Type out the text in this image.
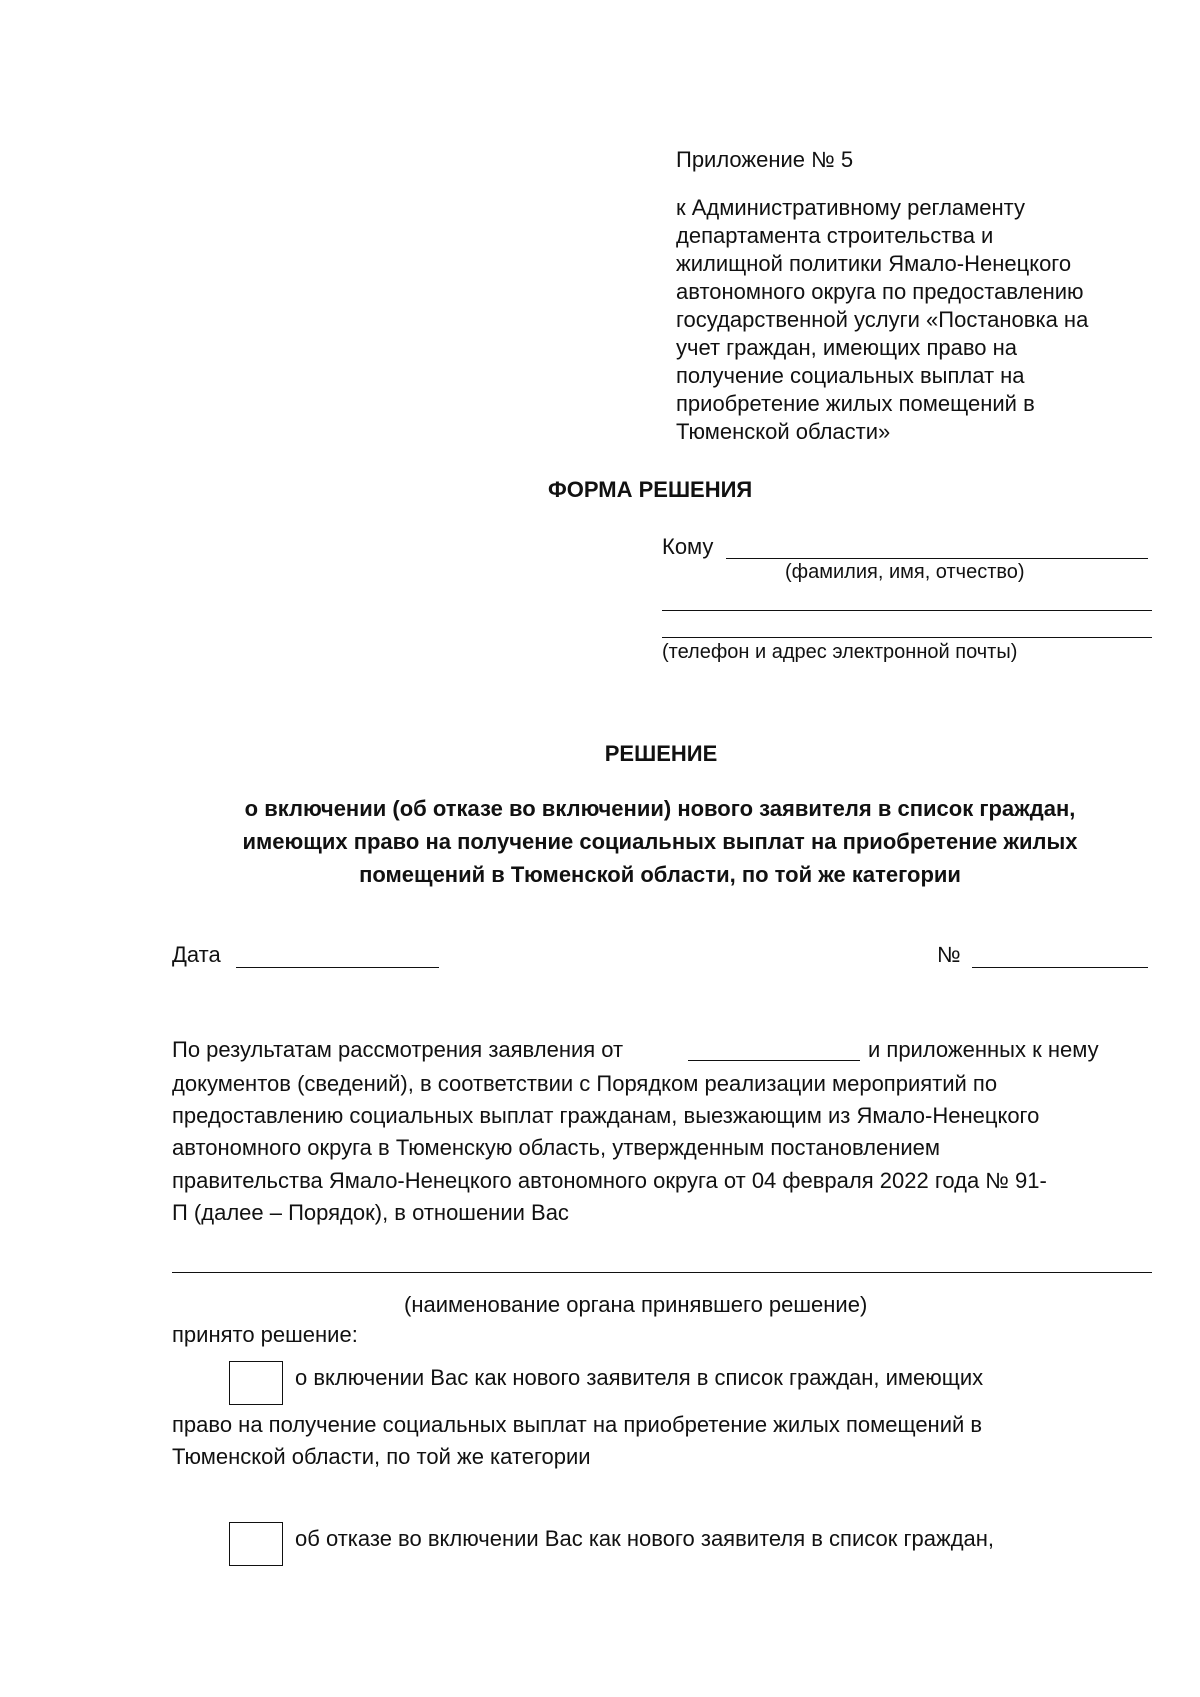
Приложение № 5
к Административному регламенту
департамента строительства и
жилищной политики Ямало-Ненецкого
автономного округа по предоставлению
государственной услуги «Постановка на
учет граждан, имеющих право на
получение социальных выплат на
приобретение жилых помещений в
Тюменской области»
ФОРМА РЕШЕНИЯ
Кому
(фамилия, имя, отчество)
(телефон и адрес электронной почты)
РЕШЕНИЕ
о включении (об отказе во включении) нового заявителя в список граждан,
имеющих право на получение социальных выплат на приобретение жилых
помещений в Тюменской области, по той же категории
Дата	№
По результатам рассмотрения заявления от	и приложенных к нему
документов (сведений), в соответствии с Порядком реализации мероприятий по
предоставлению социальных выплат гражданам, выезжающим из Ямало-Ненецкого
автономного округа в Тюменскую область, утвержденным постановлением
правительства Ямало-Ненецкого автономного округа от 04 февраля 2022 года № 91-
П (далее – Порядок), в отношении Вас
(наименование органа принявшего решение)
принято решение:
о включении Вас как нового заявителя в список граждан, имеющих
право на получение социальных выплат на приобретение жилых помещений в
Тюменской области, по той же категории
об отказе во включении Вас как нового заявителя в список граждан,
